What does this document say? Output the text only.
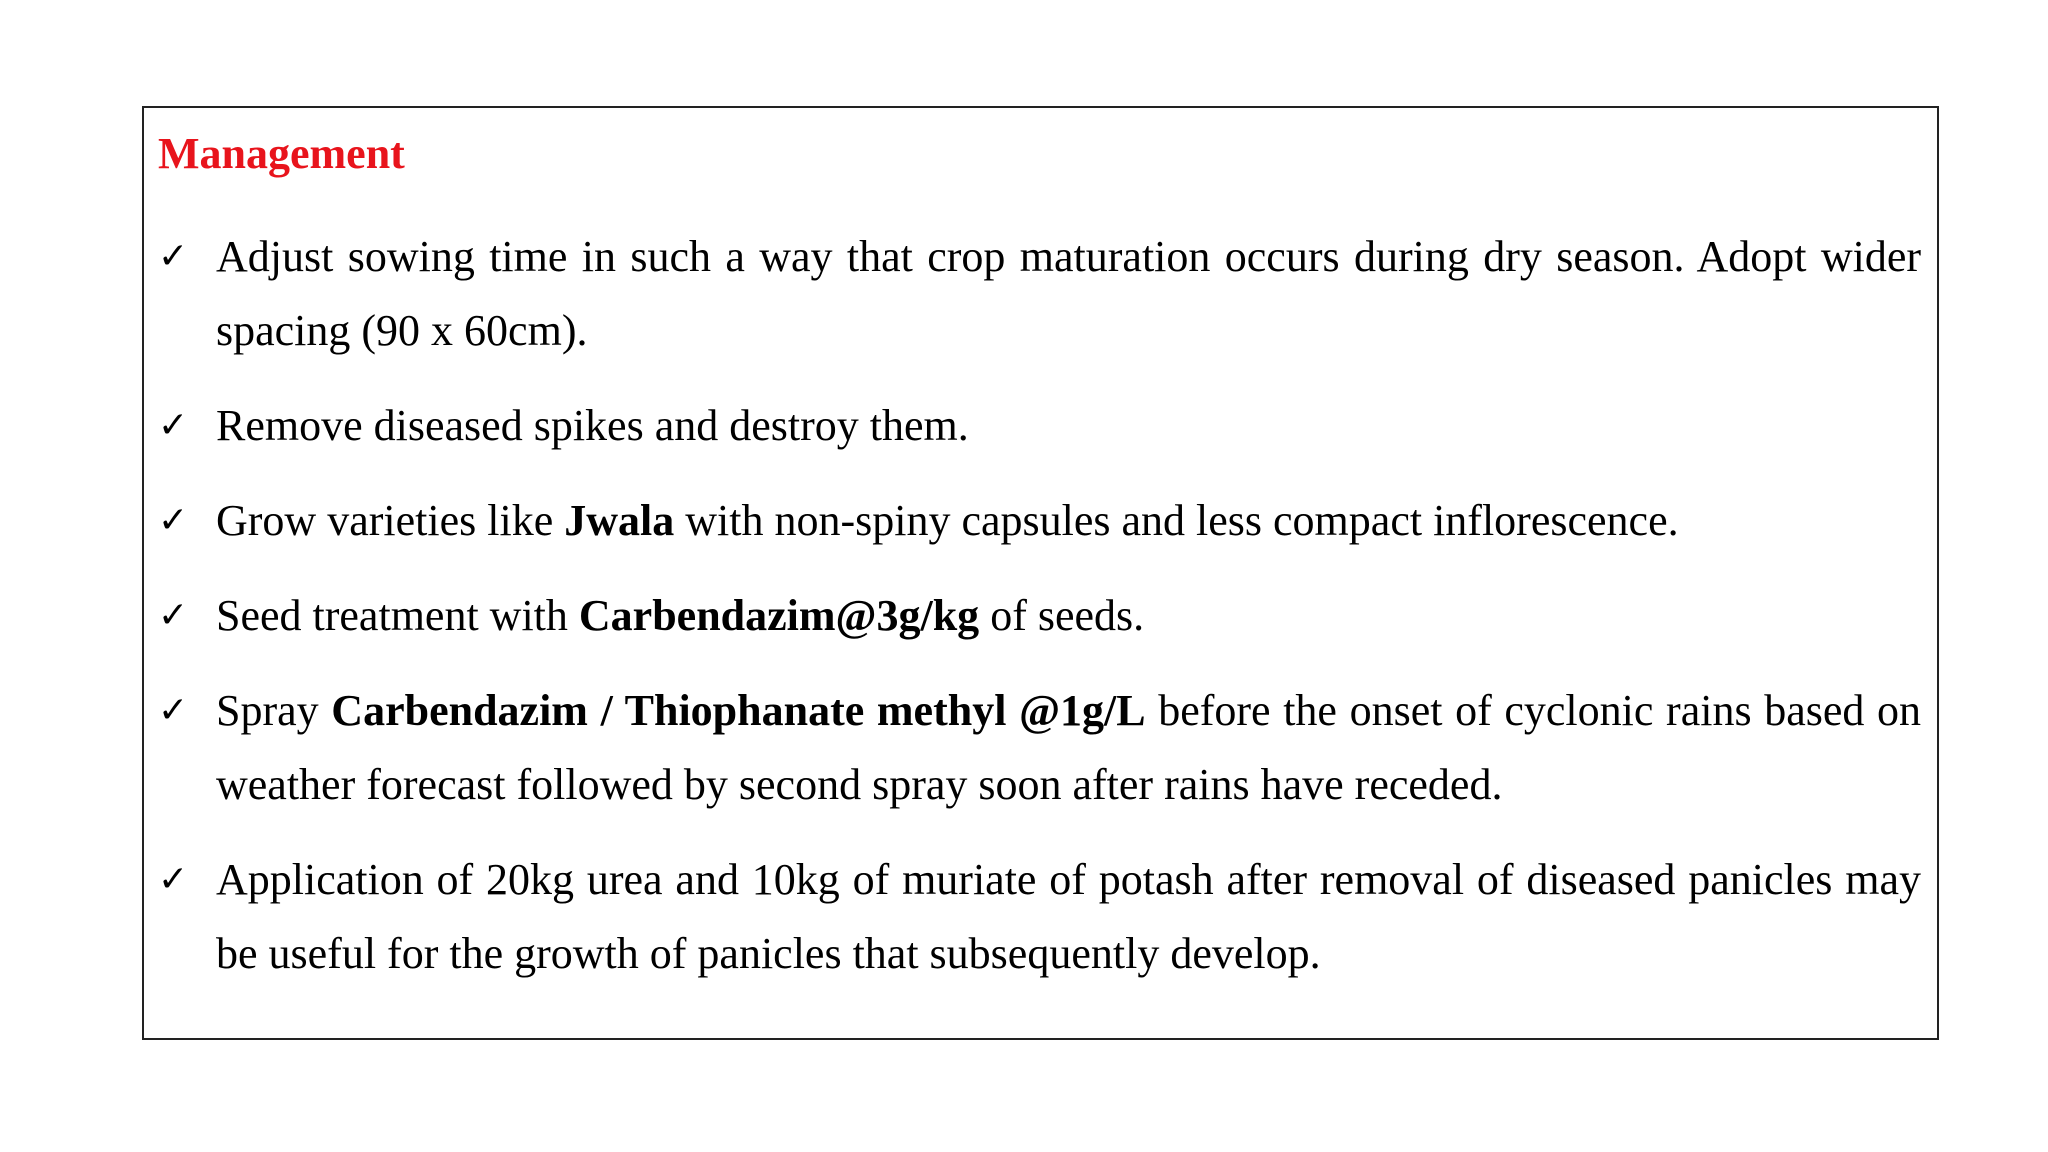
Management
✓ Adjust sowing time in such a way that crop maturation occurs during dry season. Adopt wider spacing (90 x 60cm).
✓ Remove diseased spikes and destroy them.
✓ Grow varieties like Jwala with non-spiny capsules and less compact inflorescence.
✓ Seed treatment with Carbendazim@3g/kg of seeds.
✓ Spray Carbendazim / Thiophanate methyl @1g/L before the onset of cyclonic rains based on weather forecast followed by second spray soon after rains have receded.
✓ Application of 20kg urea and 10kg of muriate of potash after removal of diseased panicles may be useful for the growth of panicles that subsequently develop.
